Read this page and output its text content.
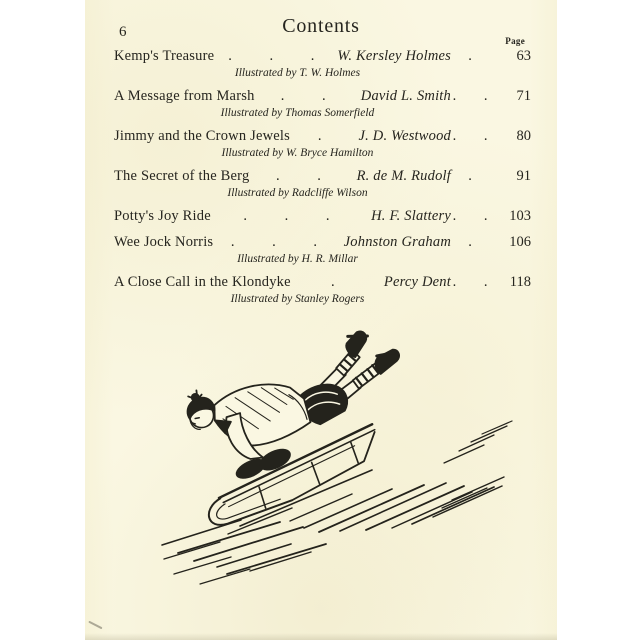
6	Contents
Page
Kemp's Treasure . . . W. Kersley Holmes	.	63
Illustrated by T. W. Holmes
A Message from Marsh	. .	David L. Smith . .	71
Illustrated by Thomas Somerfield
Jimmy and the Crown Jewels	.	J. D. Westwood . .	80
Illustrated by W. Bryce Hamilton
The Secret of the Berg	. .	R. de M. Rudolf	.	91
Illustrated by Radcliffe Wilson
Potty's Joy Ride	. . .	H. F. Slattery . . 103
Wee Jock Norris	. . . Johnston Graham	.	106
Illustrated by H. R. Millar
A Close Call in the Klondyke	.	Percy Dent . . 118
Illustrated by Stanley Rogers
